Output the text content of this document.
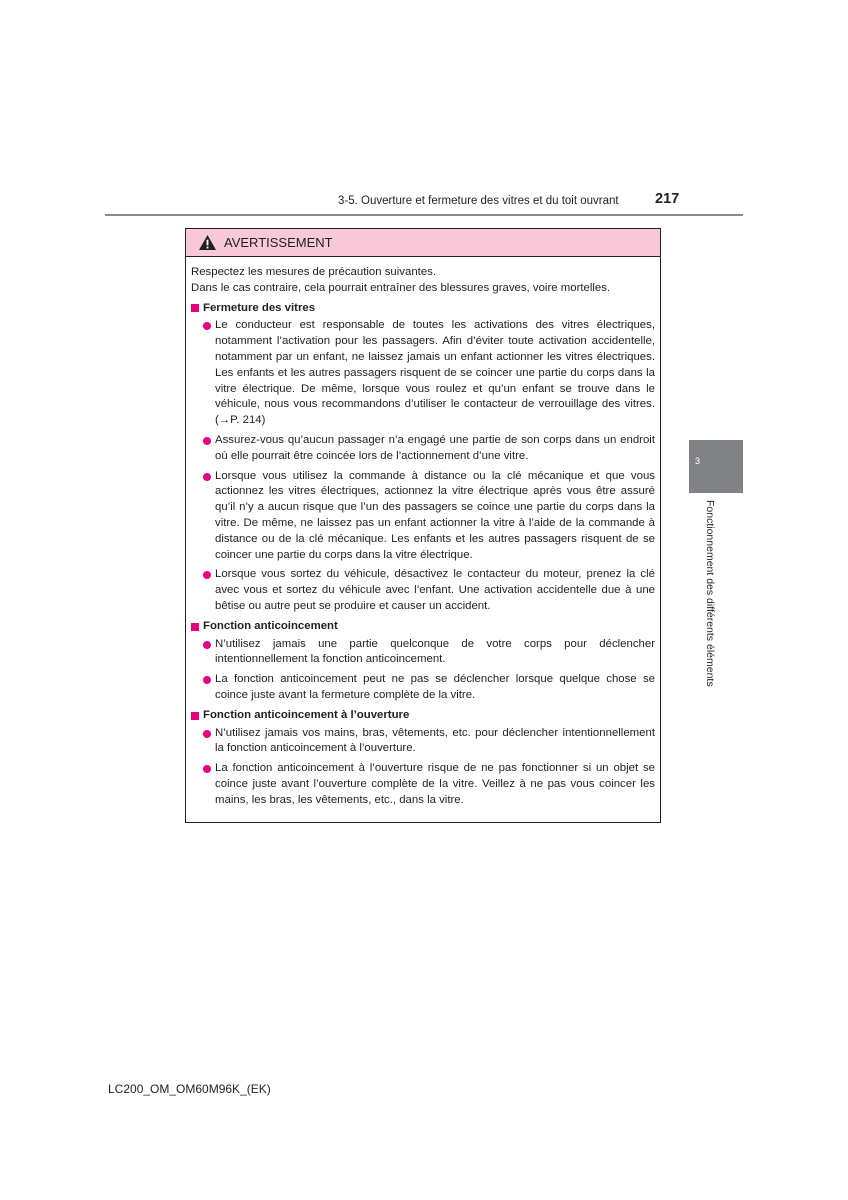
3-5. Ouverture et fermeture des vitres et du toit ouvrant	217
3
Fonctionnement des différents éléments
AVERTISSEMENT

Respectez les mesures de précaution suivantes.

Dans le cas contraire, cela pourrait entraîner des blessures graves, voire mortelles.

Fermeture des vitres
Le conducteur est responsable de toutes les activations des vitres électriques, notamment l’activation pour les passagers. Afin d’éviter toute activation accidentelle, notamment par un enfant, ne laissez jamais un enfant actionner les vitres électriques. Les enfants et les autres passagers risquent de se coincer une partie du corps dans la vitre électrique. De même, lorsque vous roulez et qu’un enfant se trouve dans le véhicule, nous vous recommandons d’utiliser le contacteur de verrouillage des vitres. (→P. 214)
Assurez-vous qu’aucun passager n’a engagé une partie de son corps dans un endroit où elle pourrait être coincée lors de l’actionnement d’une vitre.
Lorsque vous utilisez la commande à distance ou la clé mécanique et que vous actionnez les vitres électriques, actionnez la vitre électrique après vous être assuré qu’il n’y a aucun risque que l’un des passagers se coince une partie du corps dans la vitre. De même, ne laissez pas un enfant actionner la vitre à l’aide de la commande à distance ou de la clé mécanique. Les enfants et les autres passagers risquent de se coincer une partie du corps dans la vitre électrique.
Lorsque vous sortez du véhicule, désactivez le contacteur du moteur, prenez la clé avec vous et sortez du véhicule avec l’enfant. Une activation accidentelle due à une bêtise ou autre peut se produire et causer un accident.
Fonction anticoincement
N’utilisez jamais une partie quelconque de votre corps pour déclencher intentionnellement la fonction anticoincement.
La fonction anticoincement peut ne pas se déclencher lorsque quelque chose se coince juste avant la fermeture complète de la vitre.
Fonction anticoincement à l’ouverture
N’utilisez jamais vos mains, bras, vêtements, etc. pour déclencher intentionnellement la fonction anticoincement à l’ouverture.
La fonction anticoincement à l’ouverture risque de ne pas fonctionner si un objet se coince juste avant l’ouverture complète de la vitre. Veillez à ne pas vous coincer les mains, les bras, les vêtements, etc., dans la vitre.
LC200_OM_OM60M96K_(EK)
